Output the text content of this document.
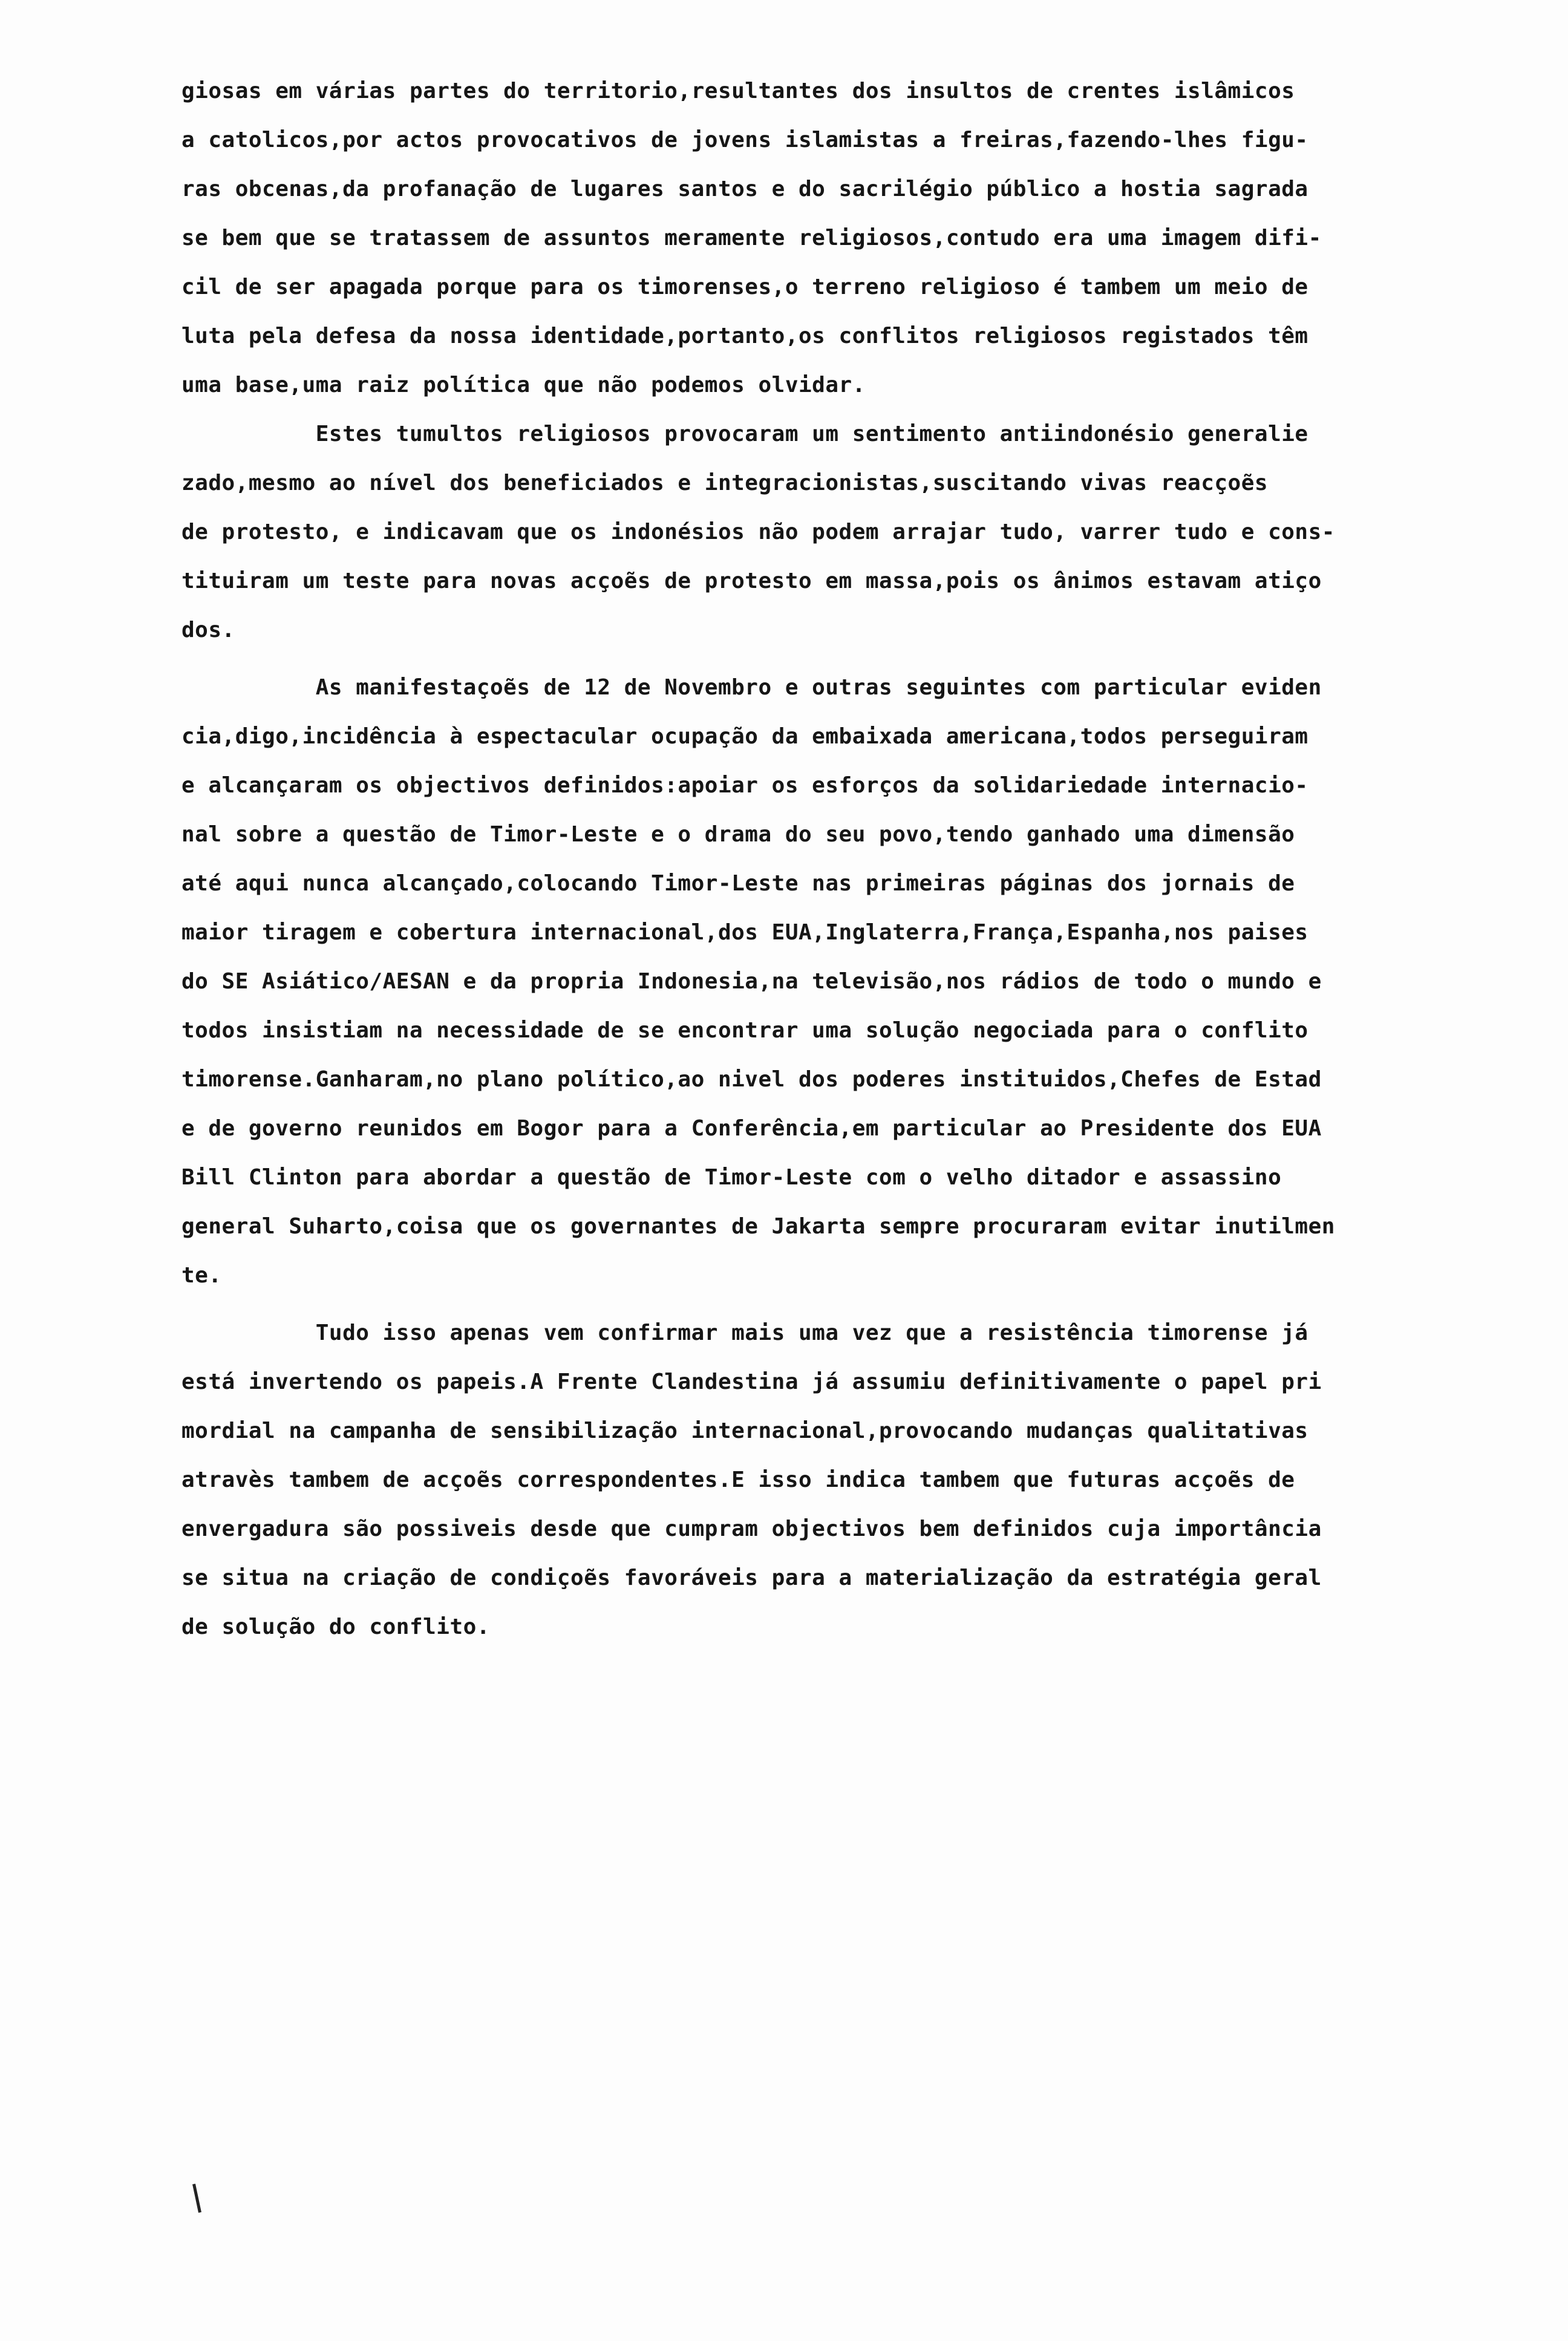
giosas em várias partes do territorio,resultantes dos insultos de crentes islâmicos
a catolicos,por actos provocativos de jovens islamistas a freiras,fazendo-lhes figu-
ras obcenas,da profanação de lugares santos e do sacrilégio público a hostia sagrada
se bem que se tratassem de assuntos meramente religiosos,contudo era uma imagem difi-
cil de ser apagada porque para os timorenses,o terreno religioso é tambem um meio de
luta pela defesa da nossa identidade,portanto,os conflitos religiosos registados têm
uma base,uma raiz política que não podemos olvidar.
Estes tumultos religiosos provocaram um sentimento antiindonésio generalie
zado,mesmo ao nível dos beneficiados e integracionistas,suscitando vivas reacçoẽs
de protesto, e indicavam que os indonésios não podem arrajar tudo, varrer tudo e cons-
tituiram um teste para novas acçoẽs de protesto em massa,pois os ânimos estavam atiço
dos.
As manifestaçoẽs de 12 de Novembro e outras seguintes com particular eviden
cia,digo,incidência à espectacular ocupação da embaixada americana,todos perseguiram
e alcançaram os objectivos definidos:apoiar os esforços da solidariedade internacio-
nal sobre a questão de Timor-Leste e o drama do seu povo,tendo ganhado uma dimensão
até aqui nunca alcançado,colocando Timor-Leste nas primeiras páginas dos jornais de
maior tiragem e cobertura internacional,dos EUA,Inglaterra,França,Espanha,nos paises
do SE Asiático/AESAN e da propria Indonesia,na televisão,nos rádios de todo o mundo e
todos insistiam na necessidade de se encontrar uma solução negociada para o conflito
timorense.Ganharam,no plano político,ao nivel dos poderes instituidos,Chefes de Estad
e de governo reunidos em Bogor para a Conferência,em particular ao Presidente dos EUA
Bill Clinton para abordar a questão de Timor-Leste com o velho ditador e assassino
general Suharto,coisa que os governantes de Jakarta sempre procuraram evitar inutilmen
te.
Tudo isso apenas vem confirmar mais uma vez que a resistência timorense já
está invertendo os papeis.A Frente Clandestina já assumiu definitivamente o papel pri
mordial na campanha de sensibilização internacional,provocando mudanças qualitativas
atravès tambem de acçoẽs correspondentes.E isso indica tambem que futuras acçoẽs de
envergadura são possiveis desde que cumpram objectivos bem definidos cuja importância
se situa na criação de condiçoẽs favoráveis para a materialização da estratégia geral
de solução do conflito.
